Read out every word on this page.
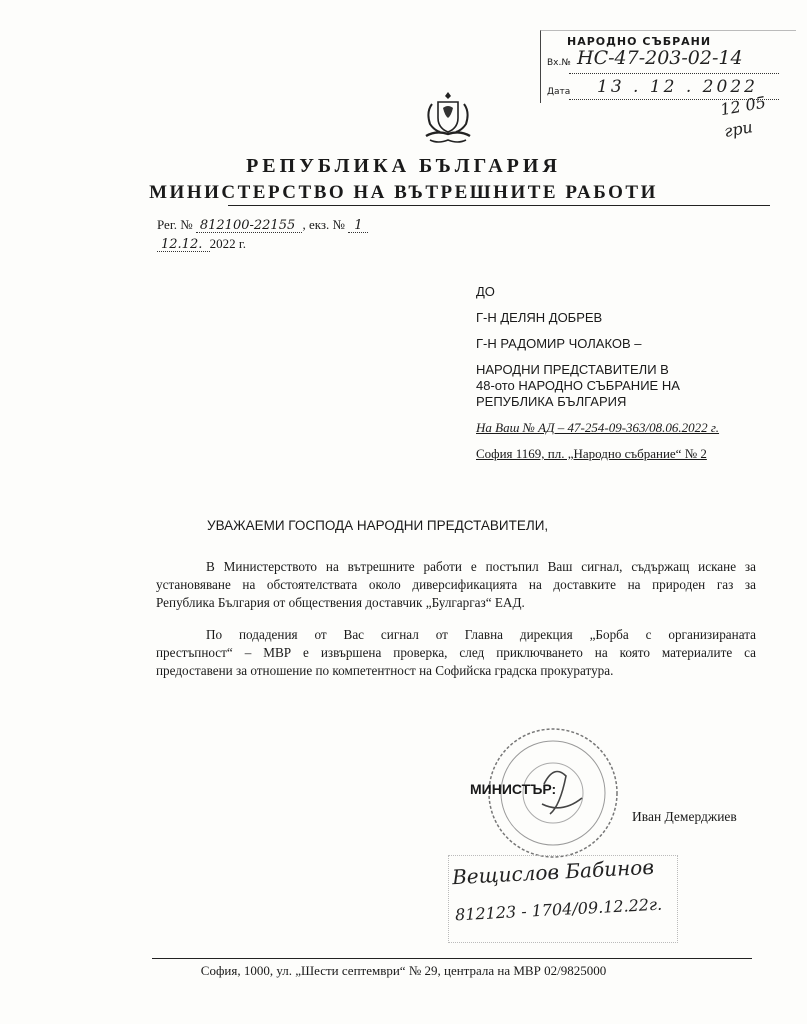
НАРОДНО СЪБРАНИ
Вх.№ НС-47-203-02-14
Дата 13 . 12 . 2022
12 05 гри
РЕПУБЛИКА БЪЛГАРИЯ
МИНИСТЕРСТВО НА ВЪТРЕШНИТЕ РАБОТИ
Рег. № 812100-22155 , екз. № 1
12.12. 2022 г.
ДО
Г-Н ДЕЛЯН ДОБРЕВ
Г-Н РАДОМИР ЧОЛАКОВ –
НАРОДНИ ПРЕДСТАВИТЕЛИ В
48-ото НАРОДНО СЪБРАНИЕ НА
РЕПУБЛИКА БЪЛГАРИЯ
На Ваш № АД – 47-254-09-363/08.06.2022 г.
София 1169, пл. „Народно събрание“ № 2
УВАЖАЕМИ ГОСПОДА НАРОДНИ ПРЕДСТАВИТЕЛИ,
В Министерството на вътрешните работи е постъпил Ваш сигнал, съдържащ искане за
установяване на обстоятелствата около диверсификацията на доставките на природен газ за
Република България от обществения доставчик „Булгаргаз“ ЕАД.
По подадения от Вас сигнал от Главна дирекция „Борба с организираната
престъпност“ – МВР е извършена проверка, след приключването на която материалите са
предоставени за отношение по компетентност на Софийска градска прокуратура.
МИНИСТЪР:
Иван Демерджиев
Вещислов Бабинов
812123 - 1704/09.12.22г.
София, 1000, ул. „Шести септември“ № 29, централа на МВР 02/9825000
